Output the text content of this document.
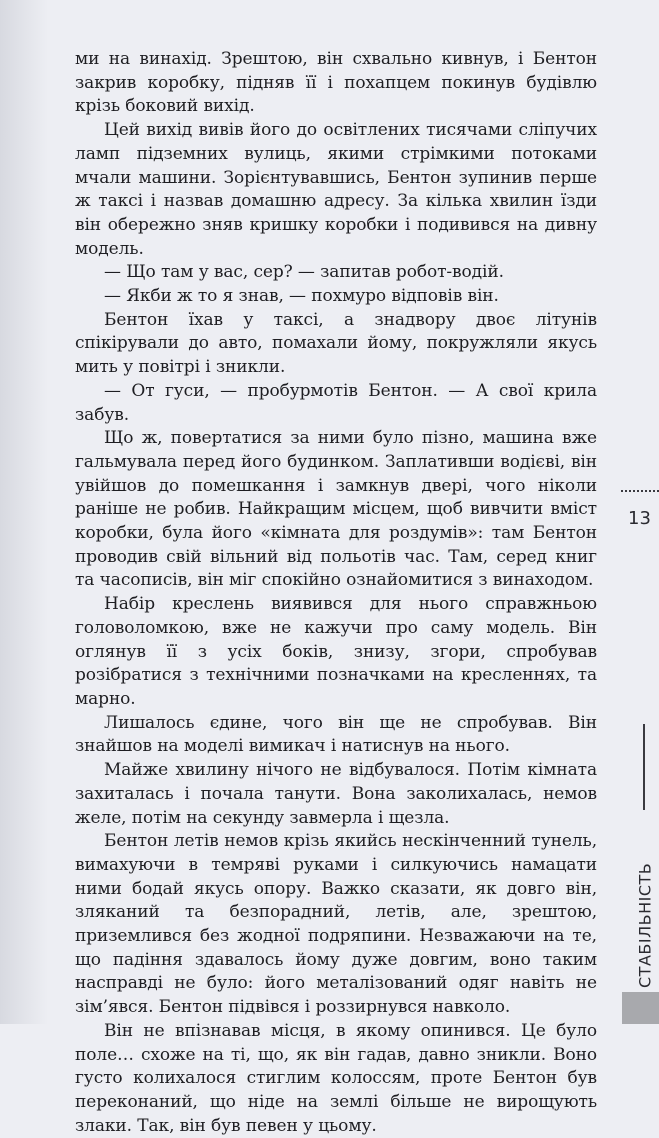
ми на винахід. Зрештою, він схвально кивнув, і Бентон закрив коробку, підняв її і похапцем покинув будівлю крізь боковий вихід.

Цей вихід вивів його до освітлених тисячами сліпучих ламп підземних вулиць, якими стрімкими потоками мчали машини. Зорієнтувавшись, Бентон зупинив перше ж таксі і назвав домашню адресу. За кілька хвилин їзди він обережно зняв кришку коробки і подивився на дивну модель.

— Що там у вас, сер? — запитав робот-водій.

— Якби ж то я знав, — похмуро відповів він.

Бентон їхав у таксі, а знадвору двоє літунів спікірували до авто, помахали йому, покружляли якусь мить у повітрі і зникли.

— От гуси, — пробурмотів Бентон. — А свої крила забув.

Що ж, повертатися за ними було пізно, машина вже гальмувала перед його будинком. Заплативши водієві, він увійшов до помешкання і замкнув двері, чого ніколи раніше не робив. Найкращим місцем, щоб вивчити вміст коробки, була його «кімната для роздумів»: там Бентон проводив свій вільний від польотів час. Там, серед книг та часописів, він міг спокійно ознайомитися з винаходом.

Набір креслень виявився для нього справжньою головоломкою, вже не кажучи про саму модель. Він оглянув її з усіх боків, знизу, згори, спробував розібратися з технічними позначками на кресленнях, та марно.

Лишалось єдине, чого він ще не спробував. Він знайшов на моделі вимикач і натиснув на нього.

Майже хвилину нічого не відбувалося. Потім кімната захиталась і почала танути. Вона заколихалась, немов желе, потім на секунду завмерла і щезла.

Бентон летів немов крізь якийсь нескінченний тунель, вимахуючи в темряві руками і силкуючись намацати ними бодай якусь опору. Важко сказати, як довго він, зляканий та безпорадний, летів, але, зрештою, приземлився без жодної подряпини. Незважаючи на те, що падіння здавалось йому дуже довгим, воно таким насправді не було: його металізований одяг навіть не зім’явся. Бентон підвівся і роззирнувся навколо.

Він не впізнавав місця, в якому опинився. Це було поле… схоже на ті, що, як він гадав, давно зникли. Воно густо колихалося стиглим колоссям, проте Бентон був переконаний, що ніде на землі більше не вирощують злаки. Так, він був певен у цьому.

13
СТАБІЛЬНІСТЬ
